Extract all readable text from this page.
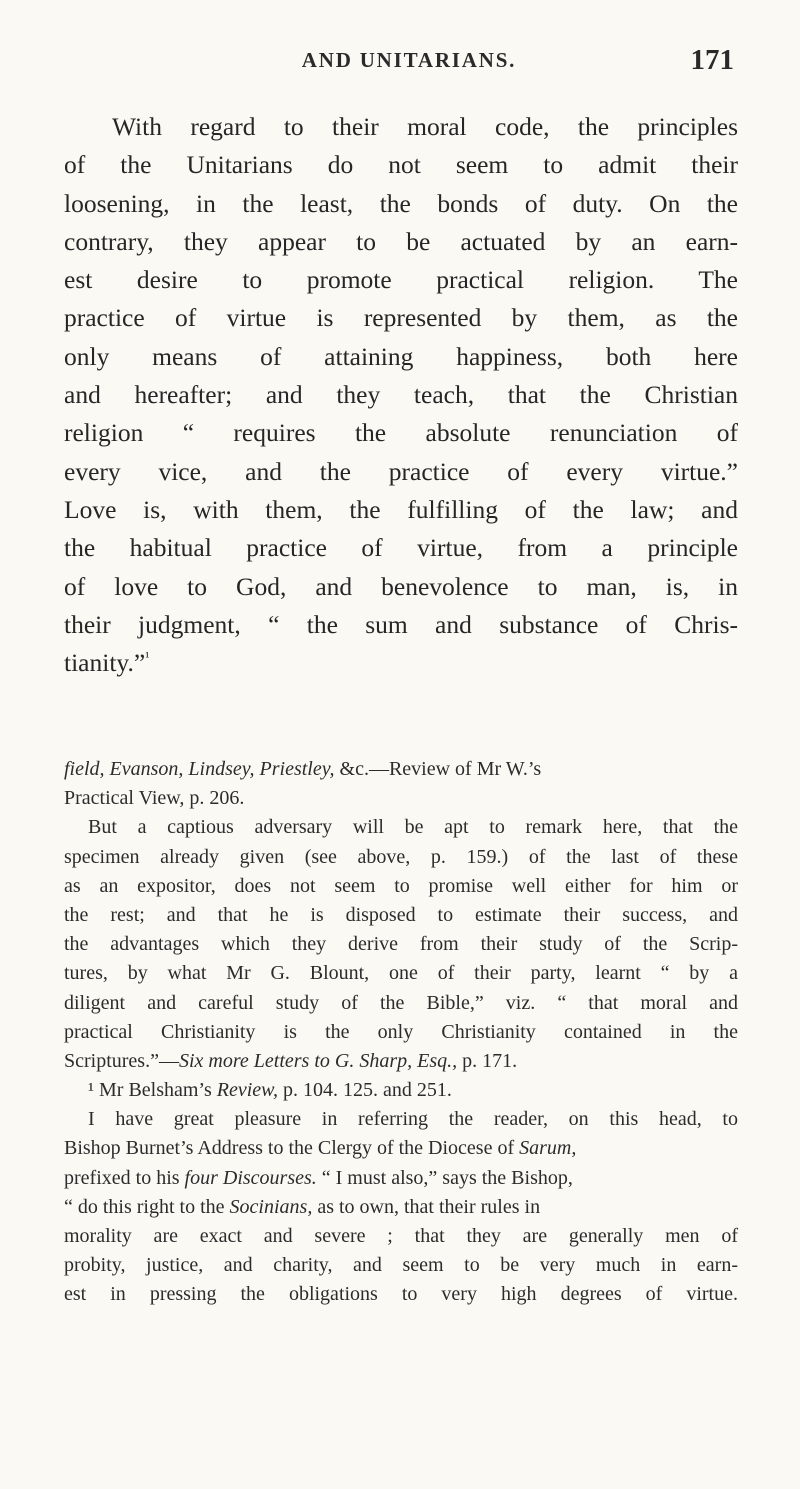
AND UNITARIANS.	171
With regard to their moral code, the principles
of the Unitarians do not seem to admit their
loosening, in the least, the bonds of duty. On the
contrary, they appear to be actuated by an earn-
est desire to promote practical religion. The
practice of virtue is represented by them, as the
only means of attaining happiness, both here
and hereafter; and they teach, that the Christian
religion “ requires the absolute renunciation of
every vice, and the practice of every virtue.”
Love is, with them, the fulfilling of the law; and
the habitual practice of virtue, from a principle
of love to God, and benevolence to man, is, in
their judgment, “ the sum and substance of Chris-
tianity.”$^{^1}$
field, Evanson, Lindsey, Priestley, &c.—Review of Mr W.’s
Practical View, p. 206.
But a captious adversary will be apt to remark here, that the
specimen already given (see above, p. 159.) of the last of these
as an expositor, does not seem to promise well either for him or
the rest; and that he is disposed to estimate their success, and
the advantages which they derive from their study of the Scrip-
tures, by what Mr G. Blount, one of their party, learnt “ by a
diligent and careful study of the Bible,” viz. “ that moral and
practical Christianity is the only Christianity contained in the
Scriptures.”—Six more Letters to G. Sharp, Esq., p. 171.
¹ Mr Belsham’s Review, p. 104. 125. and 251.
I have great pleasure in referring the reader, on this head, to
Bishop Burnet’s Address to the Clergy of the Diocese of Sarum,
prefixed to his four Discourses. “ I must also,” says the Bishop,
“ do this right to the Socinians, as to own, that their rules in
morality are exact and severe ; that they are generally men of
probity, justice, and charity, and seem to be very much in earn-
est in pressing the obligations to very high degrees of virtue.
